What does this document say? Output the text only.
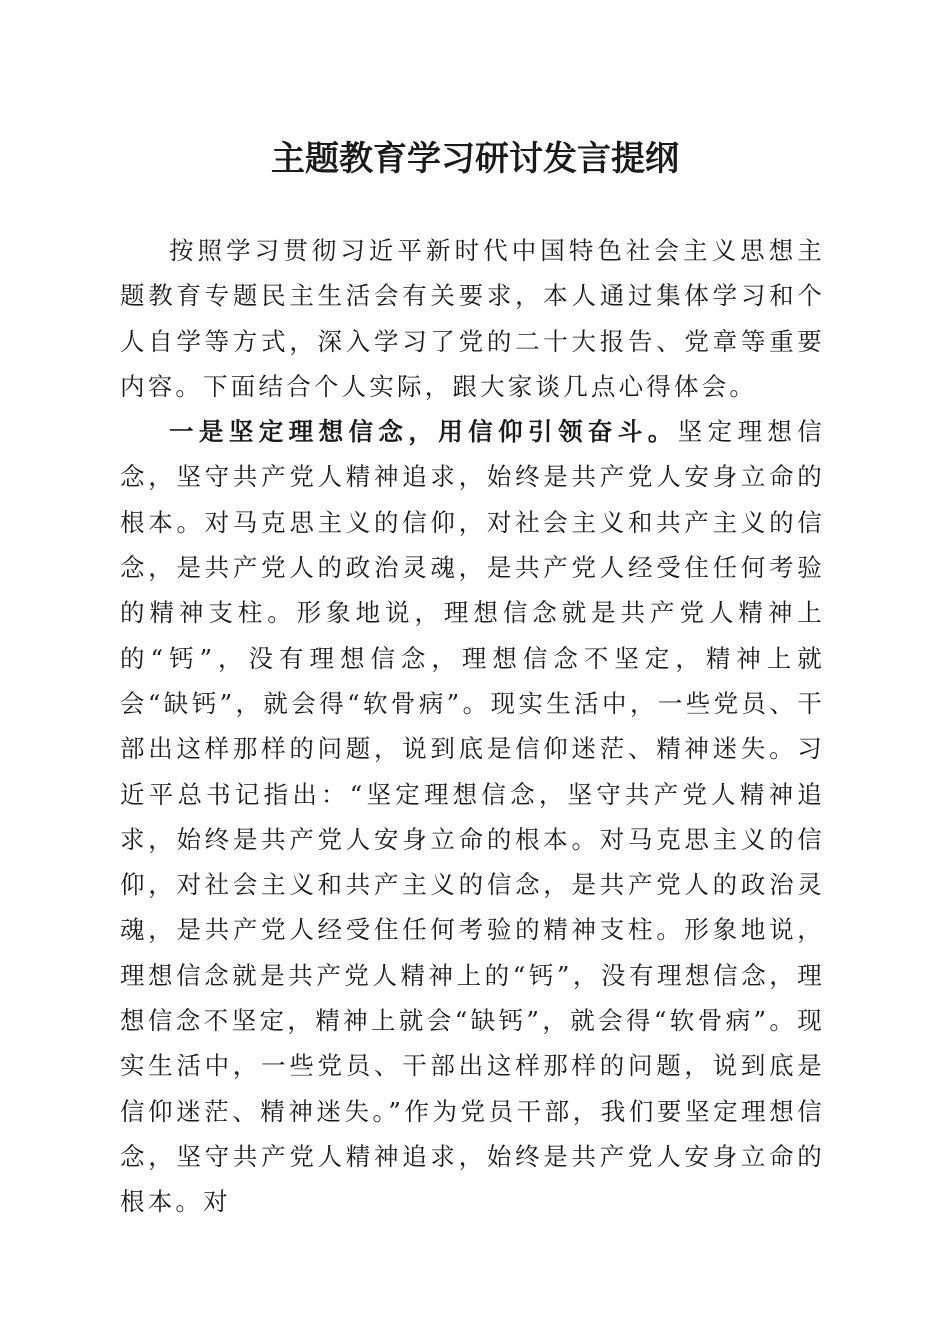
主题教育学习研讨发言提纲

按照学习贯彻习近平新时代中国特色社会主义思想主题教育专题民主生活会有关要求，本人通过集体学习和个人自学等方式，深入学习了党的二十大报告、党章等重要内容。下面结合个人实际，跟大家谈几点心得体会。

一是坚定理想信念，用信仰引领奋斗。坚定理想信念，坚守共产党人精神追求，始终是共产党人安身立命的根本。对马克思主义的信仰，对社会主义和共产主义的信念，是共产党人的政治灵魂，是共产党人经受住任何考验的精神支柱。形象地说，理想信念就是共产党人精神上的“钙”，没有理想信念，理想信念不坚定，精神上就会“缺钙”，就会得“软骨病”。现实生活中，一些党员、干部出这样那样的问题，说到底是信仰迷茫、精神迷失。习近平总书记指出：“坚定理想信念，坚守共产党人精神追求，始终是共产党人安身立命的根本。对马克思主义的信仰，对社会主义和共产主义的信念，是共产党人的政治灵魂，是共产党人经受住任何考验的精神支柱。形象地说，理想信念就是共产党人精神上的“钙”，没有理想信念，理想信念不坚定，精神上就会“缺钙”，就会得“软骨病”。现实生活中，一些党员、干部出这样那样的问题，说到底是信仰迷茫、精神迷失。”作为党员干部，我们要坚定理想信念，坚守共产党人精神追求，始终是共产党人安身立命的根本。对
